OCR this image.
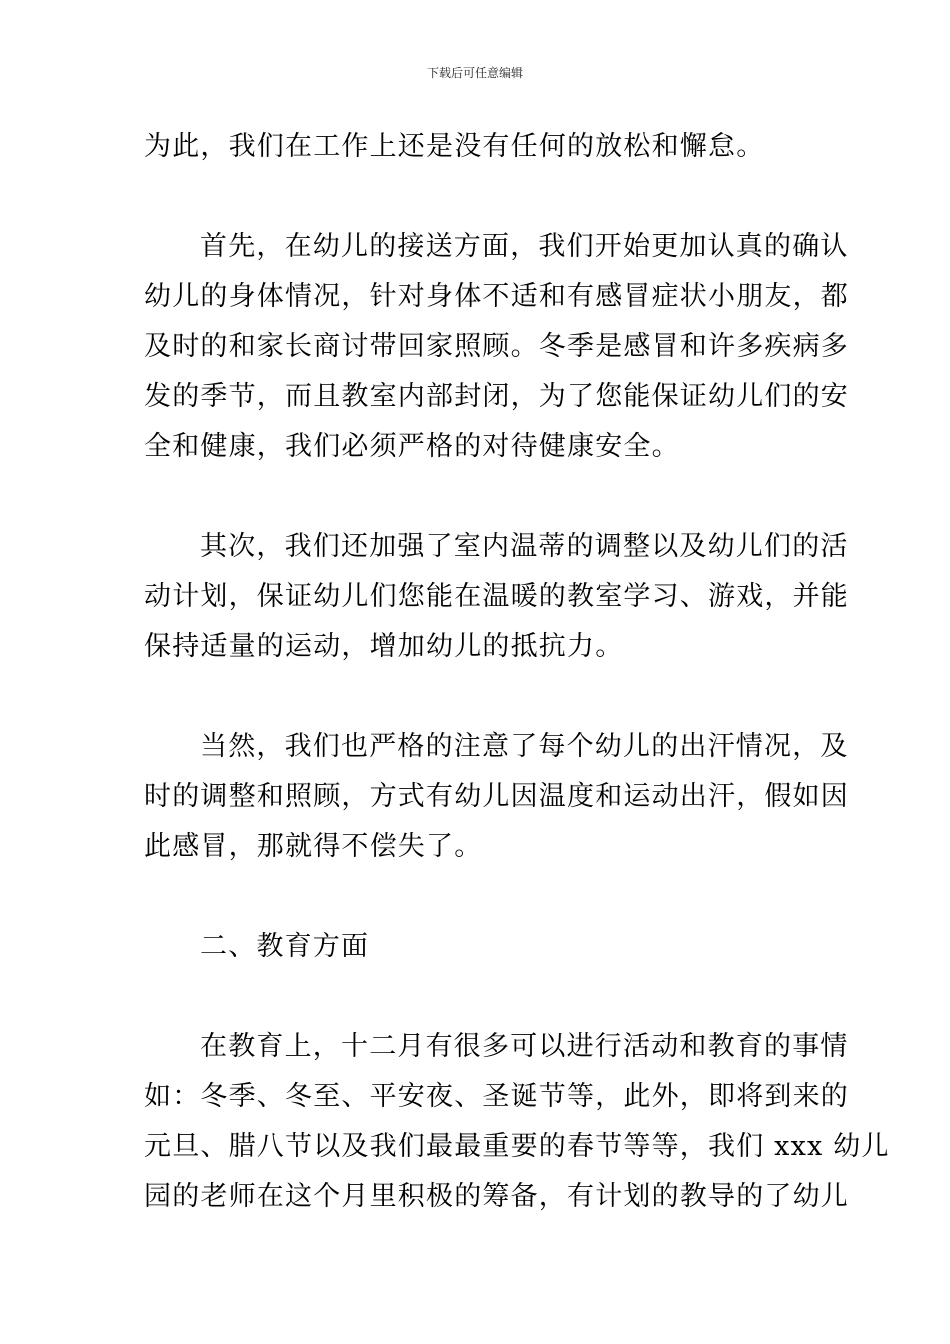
下载后可任意编辑

为此，我们在工作上还是没有任何的放松和懈怠。

首先，在幼儿的接送方面，我们开始更加认真的确认
幼儿的身体情况，针对身体不适和有感冒症状小朋友，都
及时的和家长商讨带回家照顾。冬季是感冒和许多疾病多
发的季节，而且教室内部封闭，为了您能保证幼儿们的安
全和健康，我们必须严格的对待健康安全。

其次，我们还加强了室内温蒂的调整以及幼儿们的活
动计划，保证幼儿们您能在温暖的教室学习、游戏，并能
保持适量的运动，增加幼儿的抵抗力。

当然，我们也严格的注意了每个幼儿的出汗情况，及
时的调整和照顾，方式有幼儿因温度和运动出汗，假如因
此感冒，那就得不偿失了。

二、教育方面

在教育上，十二月有很多可以进行活动和教育的事情
如：冬季、冬至、平安夜、圣诞节等，此外，即将到来的
元旦、腊八节以及我们最最重要的春节等等，我们 xxx 幼儿
园的老师在这个月里积极的筹备，有计划的教导的了幼儿
